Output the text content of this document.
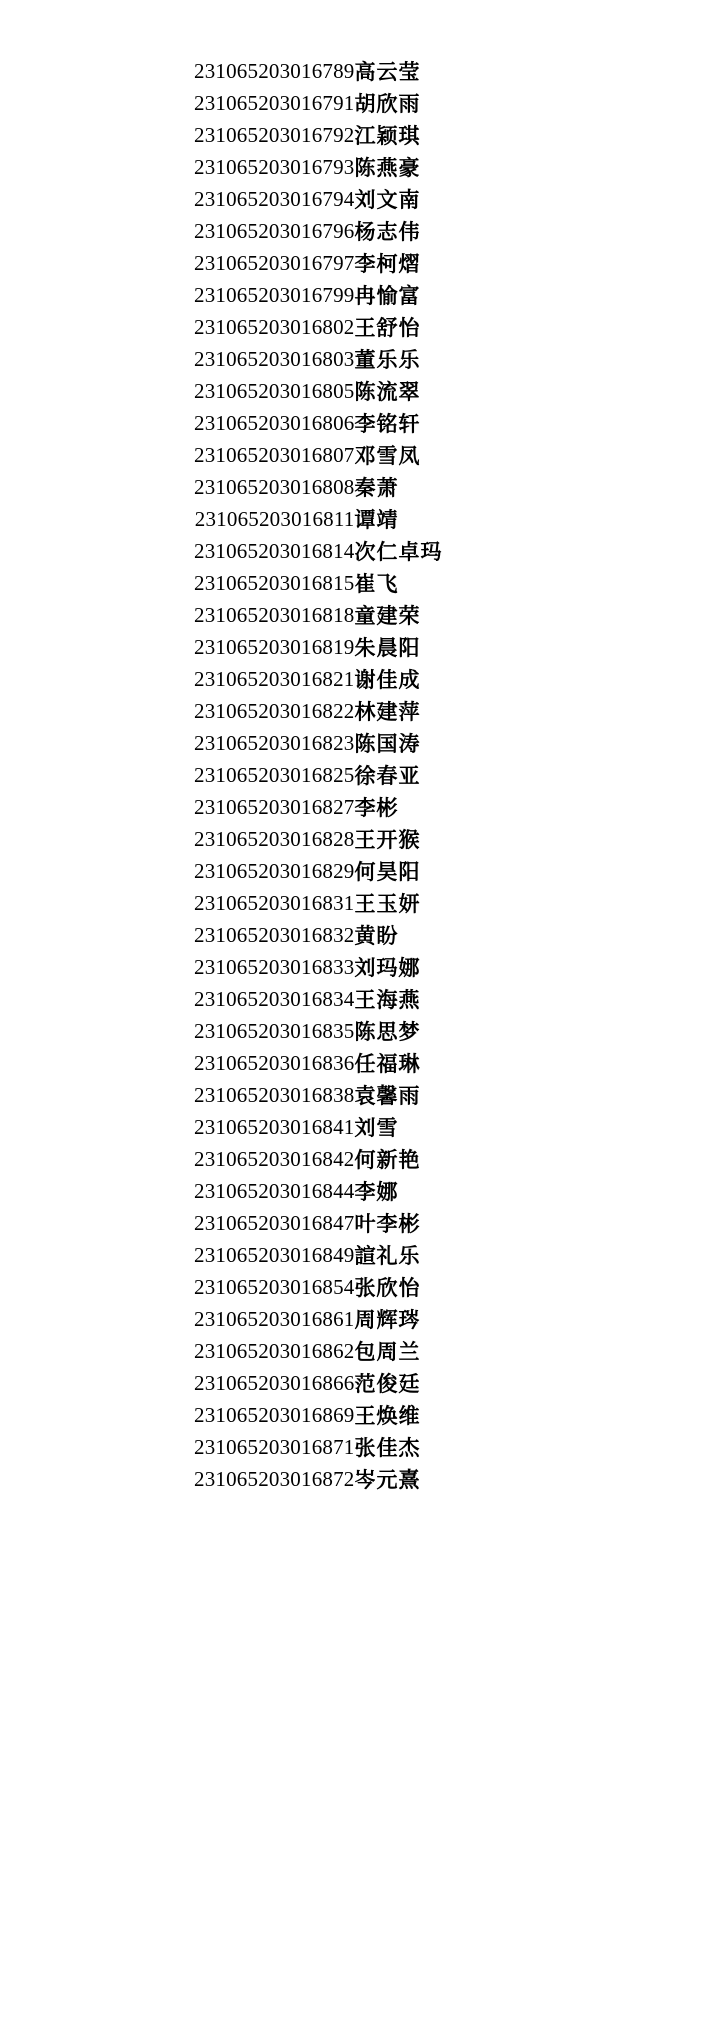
231065203016789	高云莹
231065203016791	胡欣雨
231065203016792	江颖琪
231065203016793	陈燕豪
231065203016794	刘文南
231065203016796	杨志伟
231065203016797	李柯熠
231065203016799	冉愉富
231065203016802	王舒怡
231065203016803	董乐乐
231065203016805	陈流翠
231065203016806	李铭轩
231065203016807	邓雪凤
231065203016808	秦萧
231065203016811	谭靖
231065203016814	次仁卓玛
231065203016815	崔飞
231065203016818	童建荣
231065203016819	朱晨阳
231065203016821	谢佳成
231065203016822	林建萍
231065203016823	陈国涛
231065203016825	徐春亚
231065203016827	李彬
231065203016828	王开猴
231065203016829	何昊阳
231065203016831	王玉妍
231065203016832	黄盼
231065203016833	刘玛娜
231065203016834	王海燕
231065203016835	陈思梦
231065203016836	任福琳
231065203016838	袁馨雨
231065203016841	刘雪
231065203016842	何新艳
231065203016844	李娜
231065203016847	叶李彬
231065203016849	諠礼乐
231065203016854	张欣怡
231065203016861	周辉琌
231065203016862	包周兰
231065203016866	范俊廷
231065203016869	王焕维
231065203016871	张佳杰
231065203016872	岑元熹
